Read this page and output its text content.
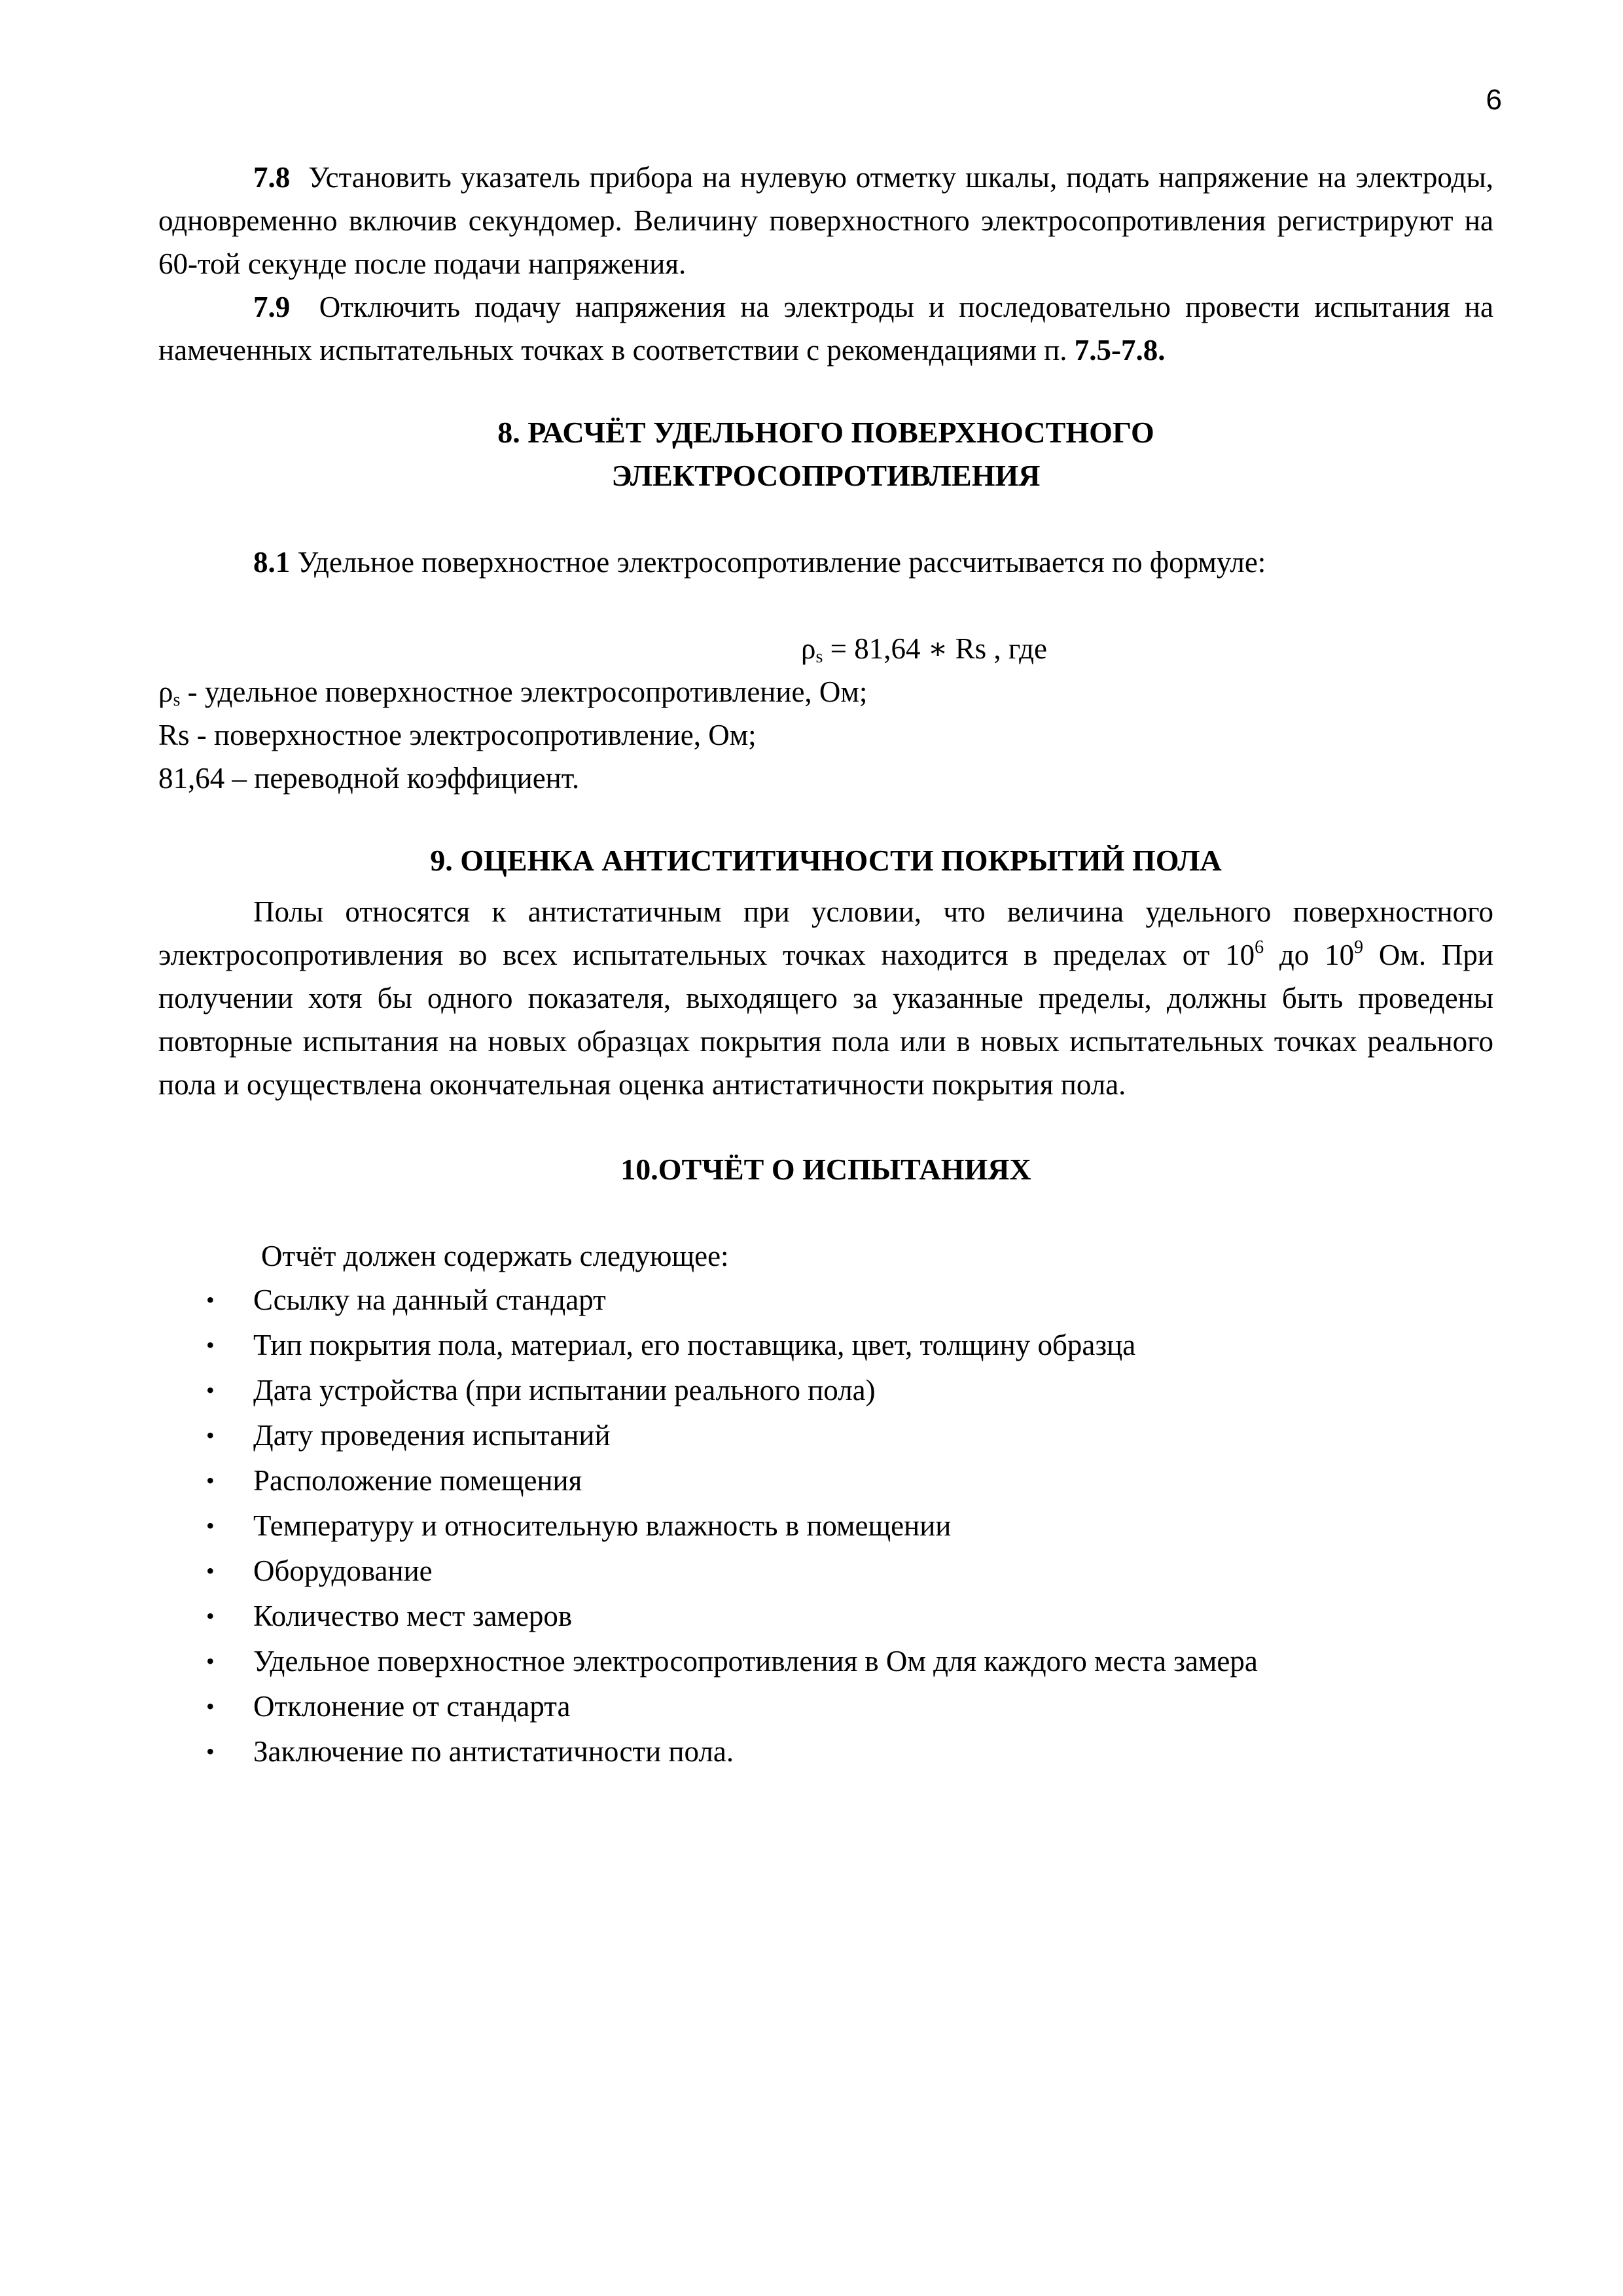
6

7.8 Установить указатель прибора на нулевую отметку шкалы, подать напряжение на электроды, одновременно включив секундомер. Величину поверхностного электросопротивления регистрируют на 60-той секунде после подачи напряжения.

7.9 Отключить подачу напряжения на электроды и последовательно провести испытания на намеченных испытательных точках в соответствии с рекомендациями п. 7.5-7.8.

8. РАСЧЁТ УДЕЛЬНОГО ПОВЕРХНОСТНОГО
ЭЛЕКТРОСОПРОТИВЛЕНИЯ

8.1 Удельное поверхностное электросопротивление рассчитывается по формуле:

$\rho_s = 81,64$ ∗ Rs , где

$\rho_s$ - удельное поверхностное электросопротивление, Ом;

Rs - поверхностное электросопротивление, Ом;

81,64 – переводной коэффициент.

9. ОЦЕНКА АНТИСТИТИЧНОСТИ ПОКРЫТИЙ ПОЛА

Полы относятся к антистатичным при условии, что величина удельного поверхностного электросопротивления во всех испытательных точках находится в пределах от $10^6$ до $10^9$ Ом. При получении хотя бы одного показателя, выходящего за указанные пределы, должны быть проведены повторные испытания на новых образцах покрытия пола или в новых испытательных точках реального пола и осуществлена окончательная оценка антистатичности покрытия пола.

10.ОТЧЁТ О ИСПЫТАНИЯХ

Отчёт должен содержать следующее:

• Ссылку на данный стандарт
• Тип покрытия пола, материал, его поставщика, цвет, толщину образца
• Дата устройства (при испытании реального пола)
• Дату проведения испытаний
• Расположение помещения
• Температуру и относительную влажность в помещении
• Оборудование
• Количество мест замеров
• Удельное поверхностное электросопротивления в Ом для каждого места замера
• Отклонение от стандарта
• Заключение по антистатичности пола.
